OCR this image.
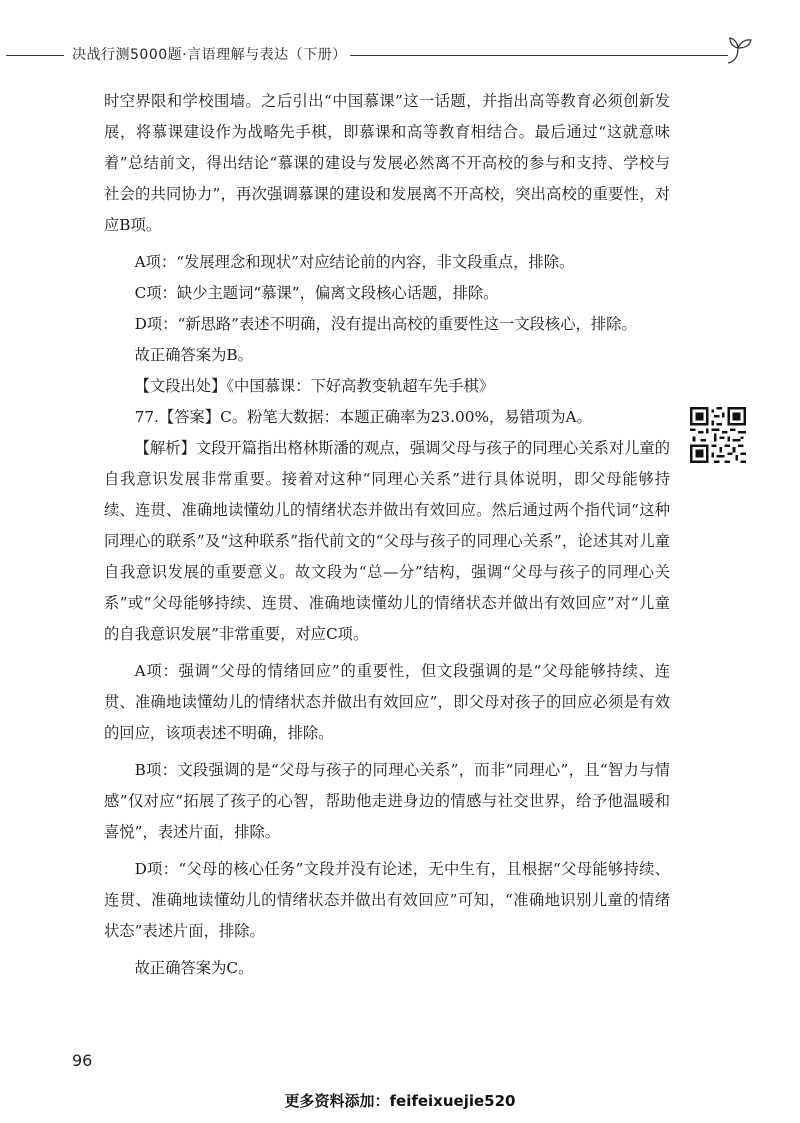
决战行测5000题·言语理解与表达（下册）

时空界限和学校围墙。之后引出“中国慕课”这一话题，并指出高等教育必须创新发展，将慕课建设作为战略先手棋，即慕课和高等教育相结合。最后通过“这就意味着”总结前文，得出结论“慕课的建设与发展必然离不开高校的参与和支持、学校与社会的共同协力”，再次强调慕课的建设和发展离不开高校，突出高校的重要性，对应B项。

A项：“发展理念和现状”对应结论前的内容，非文段重点，排除。

C项：缺少主题词“慕课”，偏离文段核心话题，排除。

D项：“新思路”表述不明确，没有提出高校的重要性这一文段核心，排除。

故正确答案为B。

【文段出处】《中国慕课：下好高教变轨超车先手棋》

77.【答案】C。粉笔大数据：本题正确率为23.00%，易错项为A。

【解析】文段开篇指出格林斯潘的观点，强调父母与孩子的同理心关系对儿童的自我意识发展非常重要。接着对这种“同理心关系”进行具体说明，即父母能够持续、连贯、准确地读懂幼儿的情绪状态并做出有效回应。然后通过两个指代词“这种同理心的联系”及“这种联系”指代前文的“父母与孩子的同理心关系”，论述其对儿童自我意识发展的重要意义。故文段为“总—分”结构，强调“父母与孩子的同理心关系”或“父母能够持续、连贯、准确地读懂幼儿的情绪状态并做出有效回应”对“儿童的自我意识发展”非常重要，对应C项。

A项：强调“父母的情绪回应”的重要性，但文段强调的是“父母能够持续、连贯、准确地读懂幼儿的情绪状态并做出有效回应”，即父母对孩子的回应必须是有效的回应，该项表述不明确，排除。

B项：文段强调的是“父母与孩子的同理心关系”，而非“同理心”，且“智力与情感”仅对应“拓展了孩子的心智，帮助他走进身边的情感与社交世界，给予他温暖和喜悦”，表述片面，排除。

D项：“父母的核心任务”文段并没有论述，无中生有，且根据“父母能够持续、连贯、准确地读懂幼儿的情绪状态并做出有效回应”可知，“准确地识别儿童的情绪状态”表述片面，排除。

故正确答案为C。

96
更多资料添加：feifeixuejie520
